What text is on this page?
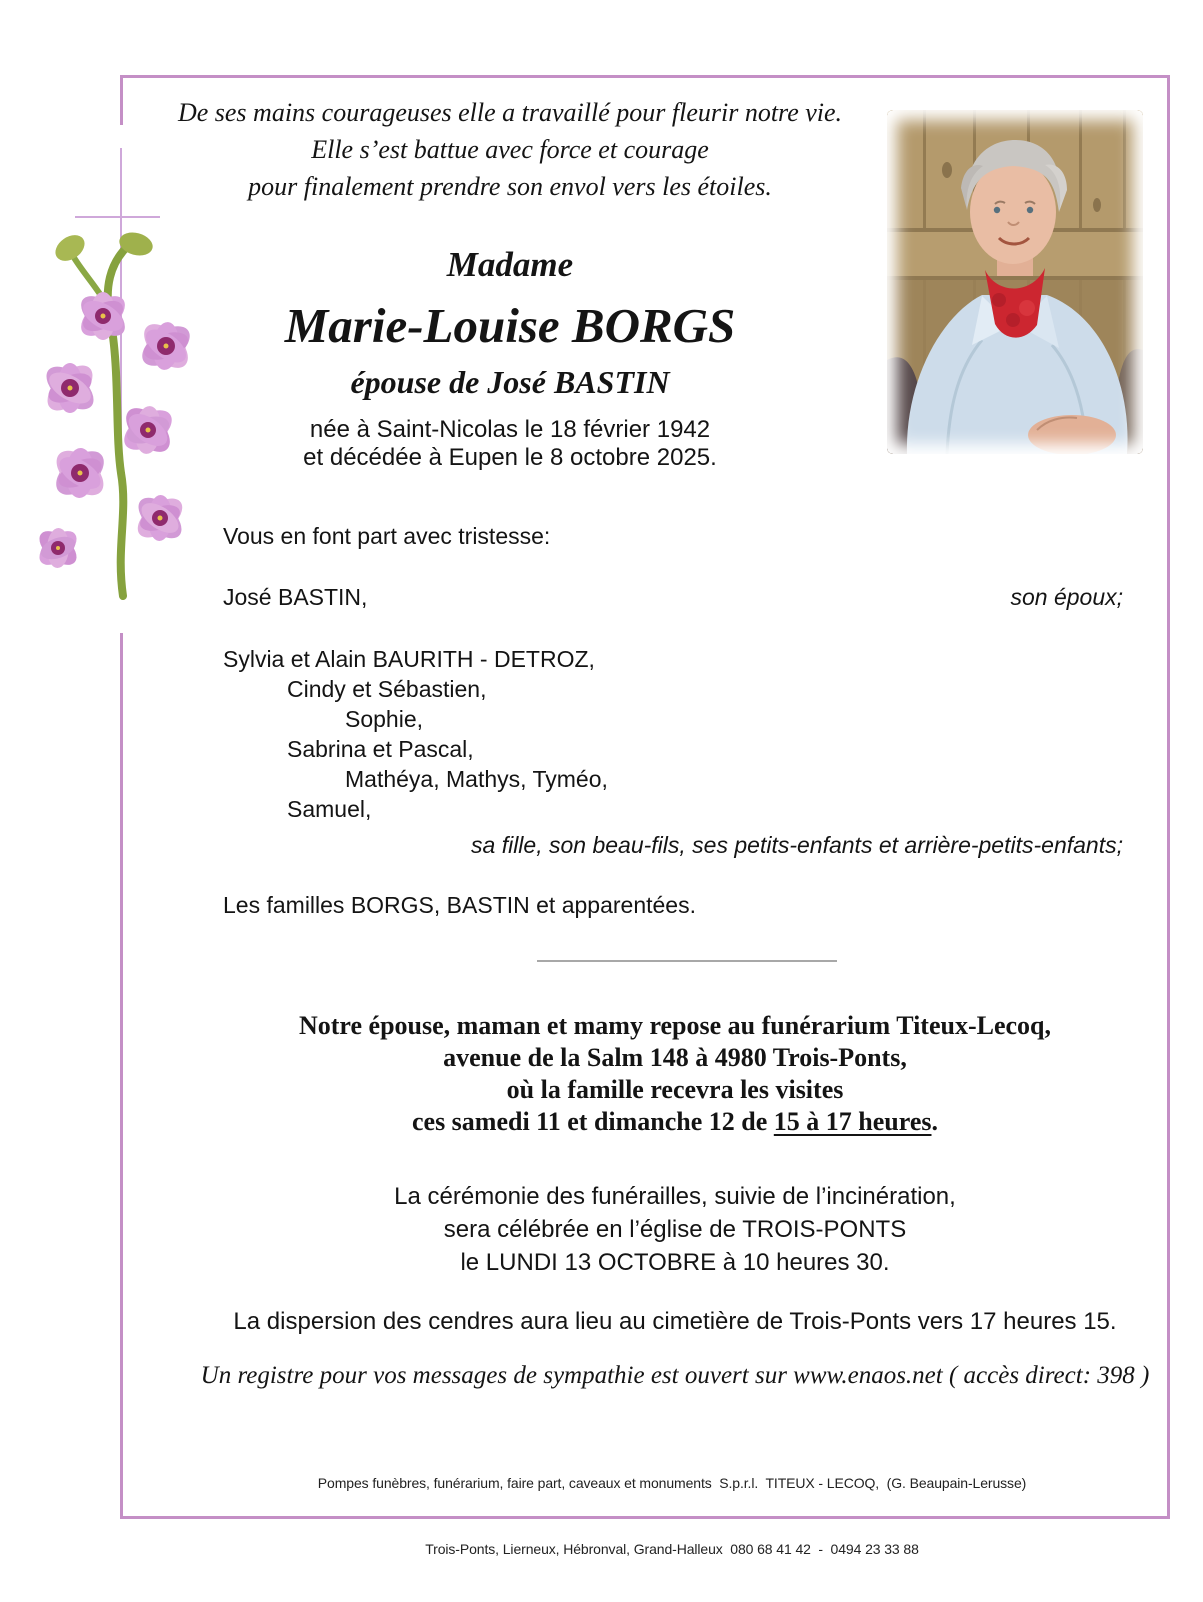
De ses mains courageuses elle a travaillé pour fleurir notre vie.
Elle s’est battue avec force et courage
pour finalement prendre son envol vers les étoiles.
Madame
Marie-Louise BORGS
épouse de José BASTIN
née à Saint-Nicolas le 18 février 1942
et décédée à Eupen le 8 octobre 2025.
Vous en font part avec tristesse:
José BASTIN,	son époux;
Sylvia et Alain BAURITH - DETROZ,
Cindy et Sébastien,
Sophie,
Sabrina et Pascal,
Mathéya, Mathys, Tyméo,
Samuel,
sa fille, son beau-fils, ses petits-enfants et arrière-petits-enfants;
Les familles BORGS, BASTIN et apparentées.
Notre épouse, maman et mamy repose au funérarium Titeux-Lecoq,
avenue de la Salm 148 à 4980 Trois-Ponts,
où la famille recevra les visites
ces samedi 11 et dimanche 12 de 15 à 17 heures.
La cérémonie des funérailles, suivie de l’incinération,
sera célébrée en l’église de TROIS-PONTS
le LUNDI 13 OCTOBRE à 10 heures 30.
La dispersion des cendres aura lieu au cimetière de Trois-Ponts vers 17 heures 15.
Un registre pour vos messages de sympathie est ouvert sur www.enaos.net ( accès direct: 398 )

Pompes funèbres, funérarium, faire part, caveaux et monuments  S.p.r.l.  TITEUX - LECOQ,  (G. Beaupain-Lerusse)

Trois-Ponts, Lierneux, Hébronval, Grand-Halleux  080 68 41 42  -  0494 23 33 88
